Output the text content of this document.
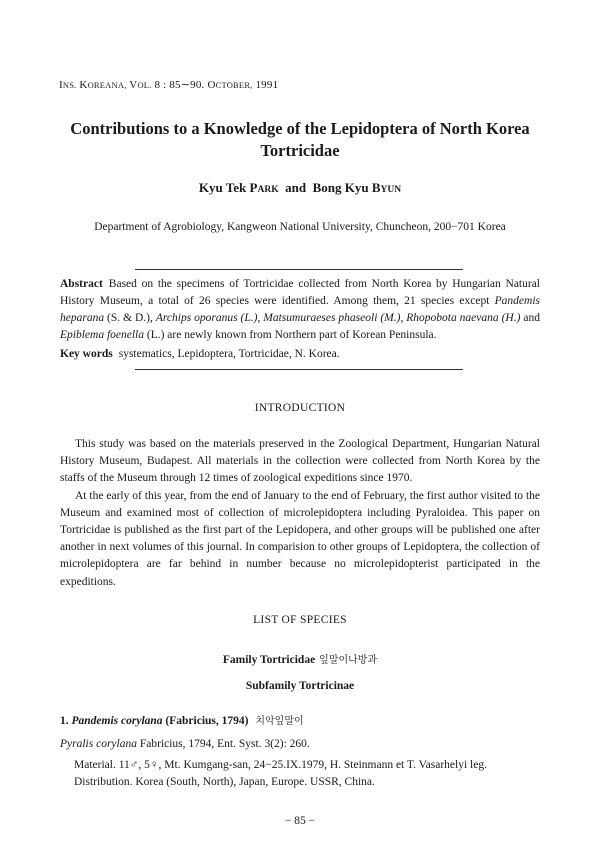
INS. KOREANA, VOL. 8 : 85∼90. OCTOBER, 1991
Contributions to a Knowledge of the Lepidoptera of North Korea
Tortricidae
Kyu Tek PARK and Bong Kyu BYUN
Department of Agrobiology, Kangweon National University, Chuncheon, 200−701 Korea
Abstract Based on the specimens of Tortricidae collected from North Korea by Hungarian Natural History Museum, a total of 26 species were identified. Among them, 21 species except Pandemis heparana (S. & D.), Archips oporanus (L.), Matsumuraeses phaseoli (M.), Rhopobota naevana (H.) and Epiblema foenella (L.) are newly known from Northern part of Korean Peninsula.
Key words systematics, Lepidoptera, Tortricidae, N. Korea.
INTRODUCTION

This study was based on the materials preserved in the Zoological Department, Hungarian Natural History Museum, Budapest. All materials in the collection were collected from North Korea by the staffs of the Museum through 12 times of zoological expeditions since 1970.

At the early of this year, from the end of January to the end of February, the first author visited to the Museum and examined most of collection of microlepidoptera including Pyraloidea. This paper on Tortricidae is published as the first part of the Lepidopera, and other groups will be published one after another in next volumes of this journal. In comparision to other groups of Lepidoptera, the collection of microlepidoptera are far behind in number because no microlepidopterist participated in the expeditions.

LIST OF SPECIES
Family Tortricidae 잎말이나방과
Subfamily Tortricinae
1. Pandemis corylana (Fabricius, 1794) 치악잎말이
Pyralis corylana Fabricius, 1794, Ent. Syst. 3(2): 260.
Material. 11♂, 5♀, Mt. Kumgang-san, 24−25.IX.1979, H. Steinmann et T. Vasarhelyi leg.
Distribution. Korea (South, North), Japan, Europe. USSR, China.
− 85 −
